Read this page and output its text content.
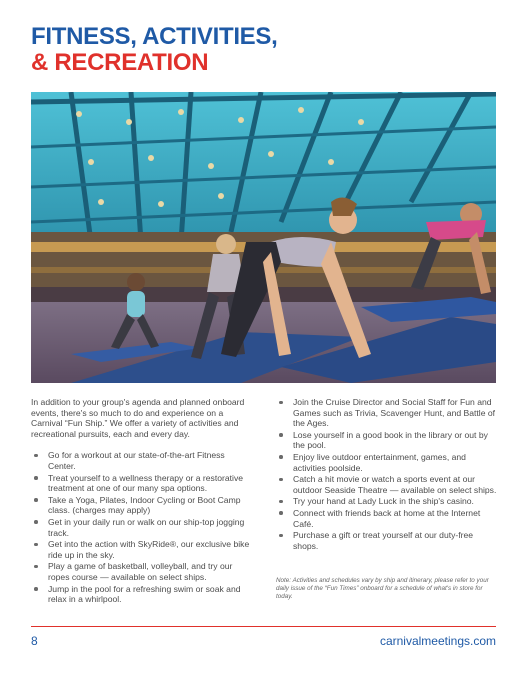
FITNESS, ACTIVITIES,
& RECREATION

In addition to your group's agenda and planned onboard events, there's so much to do and experience on a Carnival “Fun Ship.” We offer a variety of activities and recreational pursuits, each and every day.

Go for a workout at our state-of-the-art Fitness Center.
Treat yourself to a wellness therapy or a restorative treatment at one of our many spa options.
Take a Yoga, Pilates, Indoor Cycling or Boot Camp class. (charges may apply)
Get in your daily run or walk on our ship-top jogging track.
Get into the action with SkyRide®, our exclusive bike ride up in the sky.
Play a game of basketball, volleyball, and try our ropes course — available on select ships.
Jump in the pool for a refreshing swim or soak and relax in a whirlpool.
Join the Cruise Director and Social Staff for Fun and Games such as Trivia, Scavenger Hunt, and Battle of the Ages.
Lose yourself in a good book in the library or out by the pool.
Enjoy live outdoor entertainment, games, and activities poolside.
Catch a hit movie or watch a sports event at our outdoor Seaside Theatre — available on select ships.
Try your hand at Lady Luck in the ship's casino.
Connect with friends back at home at the Internet Café.
Purchase a gift or treat yourself at our duty-free shops.

Note: Activities and schedules vary by ship and itinerary, please refer to your daily issue of the “Fun Times” onboard for a schedule of what's in store for today.

8	carnivalmeetings.com
